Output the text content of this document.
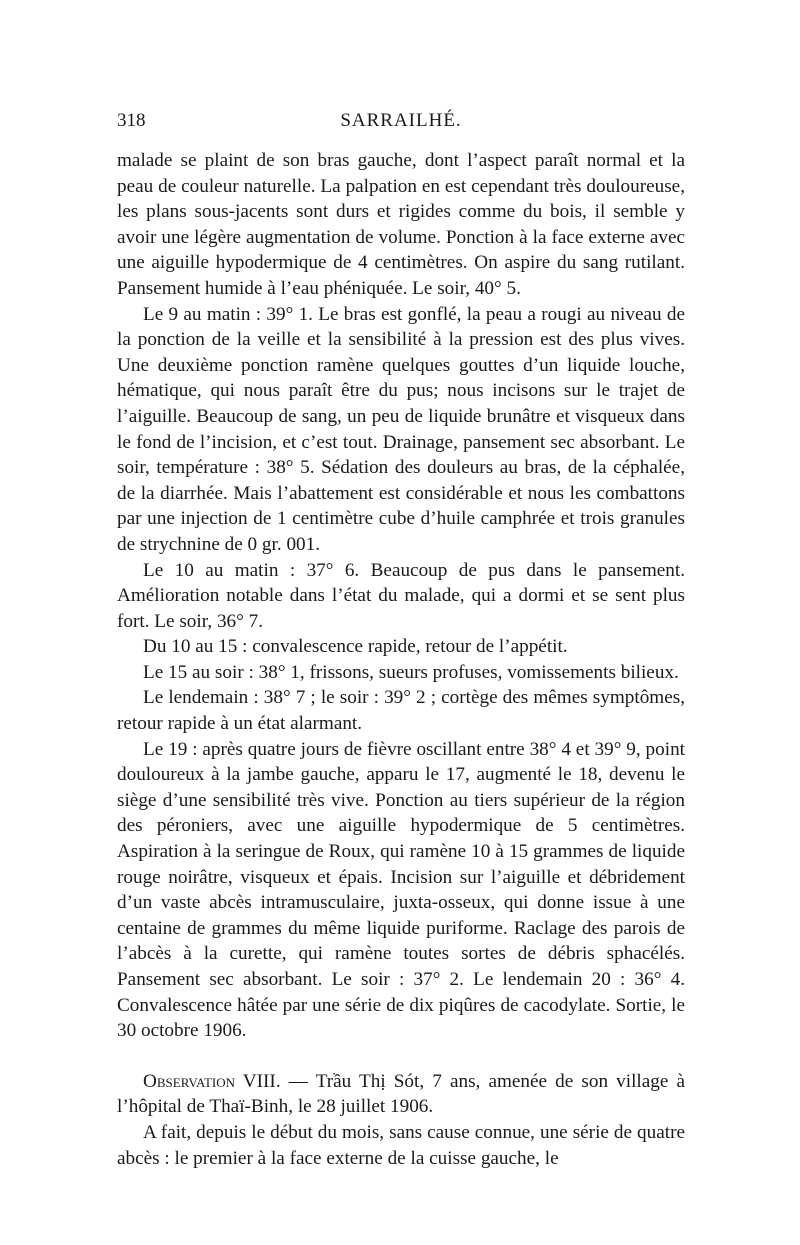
318	SARRAILHÉ.

malade se plaint de son bras gauche, dont l’aspect paraît normal et la peau de couleur naturelle. La palpation en est cependant très douloureuse, les plans sous-jacents sont durs et rigides comme du bois, il semble y avoir une légère augmentation de volume. Ponction à la face externe avec une aiguille hypodermique de 4 centimètres. On aspire du sang rutilant. Pansement humide à l’eau phéniquée. Le soir, 40° 5.

Le 9 au matin : 39° 1. Le bras est gonflé, la peau a rougi au niveau de la ponction de la veille et la sensibilité à la pression est des plus vives. Une deuxième ponction ramène quelques gouttes d’un liquide louche, hématique, qui nous paraît être du pus; nous incisons sur le trajet de l’aiguille. Beaucoup de sang, un peu de liquide brunâtre et visqueux dans le fond de l’incision, et c’est tout. Drainage, pansement sec absorbant. Le soir, température : 38° 5. Sédation des douleurs au bras, de la céphalée, de la diarrhée. Mais l’abattement est considérable et nous les combattons par une injection de 1 centimètre cube d’huile camphrée et trois granules de strychnine de 0 gr. 001.

Le 10 au matin : 37° 6. Beaucoup de pus dans le pansement. Amélioration notable dans l’état du malade, qui a dormi et se sent plus fort. Le soir, 36° 7.

Du 10 au 15 : convalescence rapide, retour de l’appétit.

Le 15 au soir : 38° 1, frissons, sueurs profuses, vomissements bilieux.

Le lendemain : 38° 7 ; le soir : 39° 2 ; cortège des mêmes symptômes, retour rapide à un état alarmant.

Le 19 : après quatre jours de fièvre oscillant entre 38° 4 et 39° 9, point douloureux à la jambe gauche, apparu le 17, augmenté le 18, devenu le siège d’une sensibilité très vive. Ponction au tiers supérieur de la région des péroniers, avec une aiguille hypodermique de 5 centimètres. Aspiration à la seringue de Roux, qui ramène 10 à 15 grammes de liquide rouge noirâtre, visqueux et épais. Incision sur l’aiguille et débridement d’un vaste abcès intramusculaire, juxta-osseux, qui donne issue à une centaine de grammes du même liquide puriforme. Raclage des parois de l’abcès à la curette, qui ramène toutes sortes de débris sphacélés. Pansement sec absorbant. Le soir : 37° 2. Le lendemain 20 : 36° 4. Convalescence hâtée par une série de dix piqûres de cacodylate. Sortie, le 30 octobre 1906.

Observation VIII. — Trầu Thị Sót, 7 ans, amenée de son village à l’hôpital de Thaï-Binh, le 28 juillet 1906.

A fait, depuis le début du mois, sans cause connue, une série de quatre abcès : le premier à la face externe de la cuisse gauche, le
